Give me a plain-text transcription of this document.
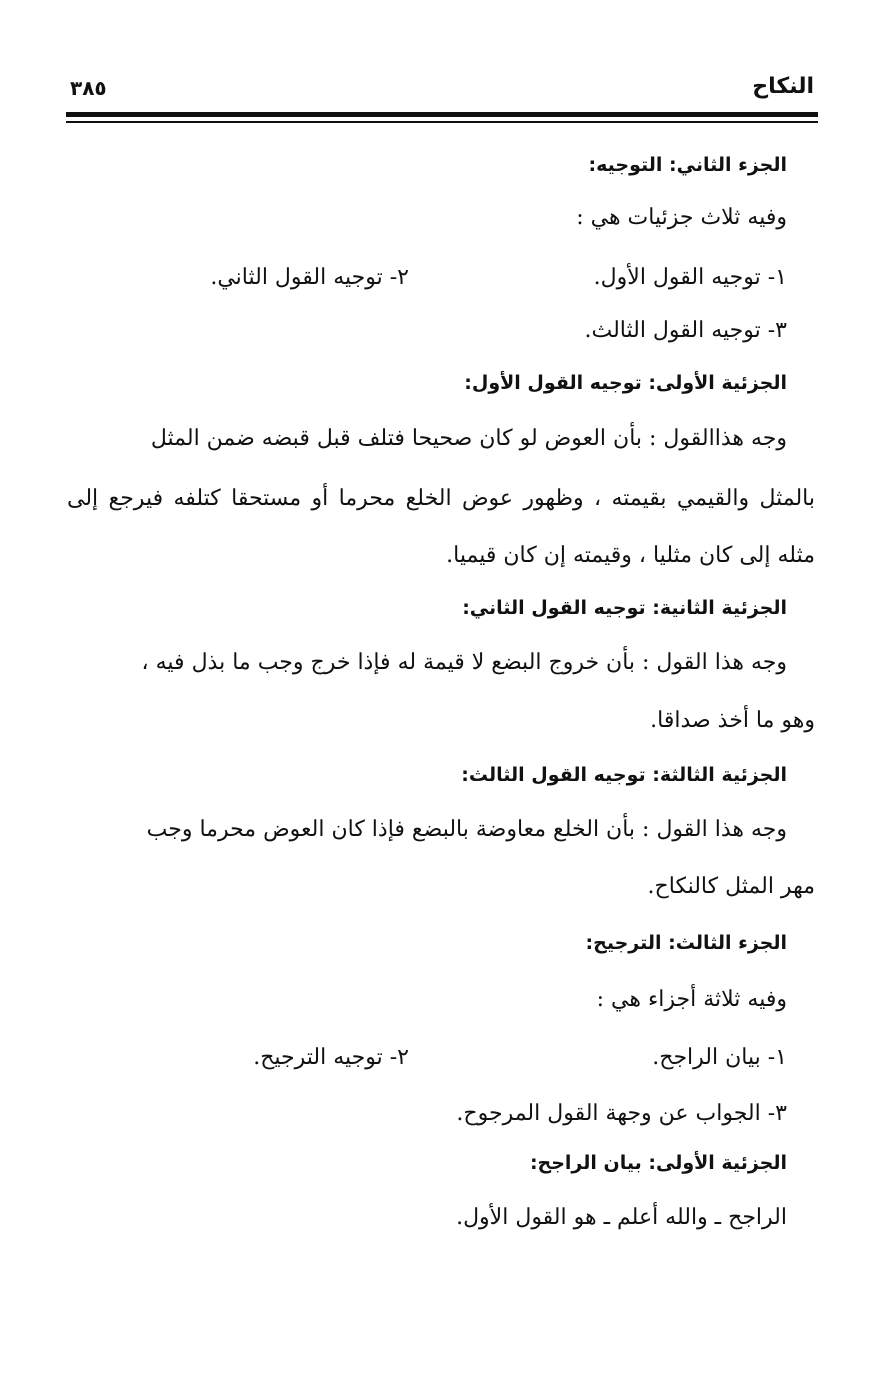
النكاح
٣٨٥
الجزء الثاني: التوجيه:
وفيه ثلاث جزئيات هي :
١- توجيه القول الأول.
٢- توجيه القول الثاني.
٣- توجيه القول الثالث.
الجزئية الأولى: توجيه القول الأول:
وجه هذاالقول : بأن العوض لو كان صحيحا فتلف قبل قبضه ضمن المثل
بالمثل والقيمي بقيمته ، وظهور عوض الخلع محرما أو مستحقا كتلفه فيرجع إلى
مثله إلى كان مثليا ، وقيمته إن كان قيميا.
الجزئية الثانية: توجيه القول الثاني:
وجه هذا القول : بأن خروج البضع لا قيمة له فإذا خرج وجب ما بذل فيه ،
وهو ما أخذ صداقا.
الجزئية الثالثة: توجيه القول الثالث:
وجه هذا القول : بأن الخلع معاوضة بالبضع فإذا كان العوض محرما وجب
مهر المثل كالنكاح.
الجزء الثالث: الترجيح:
وفيه ثلاثة أجزاء هي :
١- بيان الراجح.
٢- توجيه الترجيح.
٣- الجواب عن وجهة القول المرجوح.
الجزئية الأولى: بيان الراجح:
الراجح ـ والله أعلم ـ هو القول الأول.
